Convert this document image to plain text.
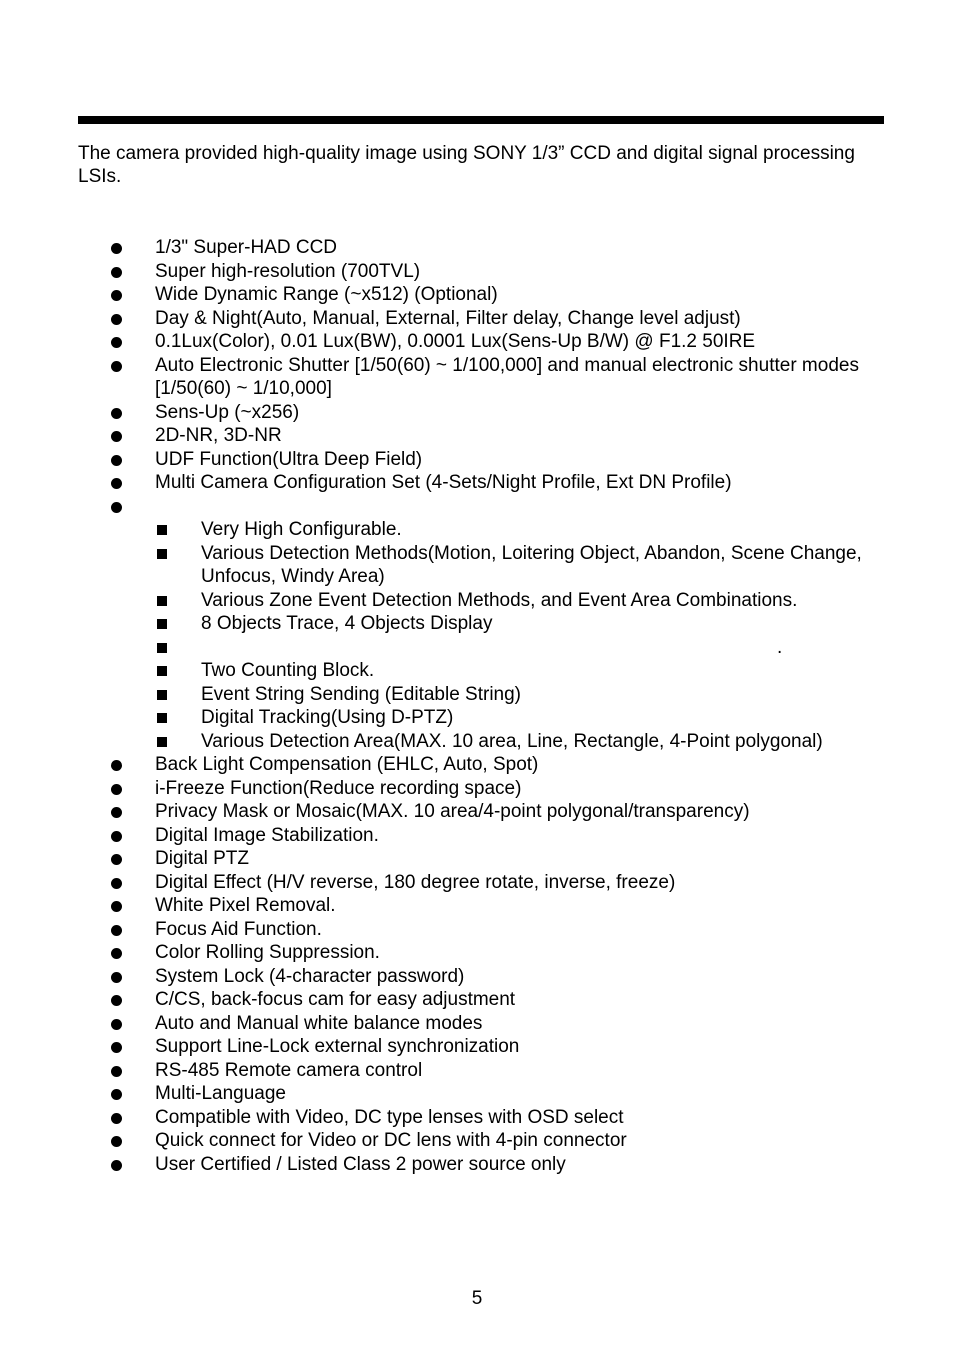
The camera provided high-quality image using SONY 1/3” CCD and digital signal processing LSIs.

1/3" Super-HAD CCD
Super high-resolution (700TVL)
Wide Dynamic Range (~x512) (Optional)
Day & Night(Auto, Manual, External, Filter delay, Change level adjust)
0.1Lux(Color), 0.01 Lux(BW), 0.0001 Lux(Sens-Up B/W) @ F1.2 50IRE
Auto Electronic Shutter [1/50(60) ~ 1/100,000] and manual electronic shutter modes [1/50(60) ~ 1/10,000]
Sens-Up (~x256)
2D-NR, 3D-NR
UDF Function(Ultra Deep Field)
Multi Camera Configuration Set (4-Sets/Night Profile, Ext DN Profile)
Very High Configurable.
Various Detection Methods(Motion, Loitering Object, Abandon, Scene Change, Unfocus, Windy Area)
Various Zone Event Detection Methods, and Event Area Combinations.
8 Objects Trace, 4 Objects Display
.
Two Counting Block.
Event String Sending (Editable String)
Digital Tracking(Using D-PTZ)
Various Detection Area(MAX. 10 area, Line, Rectangle, 4-Point polygonal)
Back Light Compensation (EHLC, Auto, Spot)
i-Freeze Function(Reduce recording space)
Privacy Mask or Mosaic(MAX. 10 area/4-point polygonal/transparency)
Digital Image Stabilization.
Digital PTZ
Digital Effect (H/V reverse, 180 degree rotate, inverse, freeze)
White Pixel Removal.
Focus Aid Function.
Color Rolling Suppression.
System Lock (4-character password)
C/CS, back-focus cam for easy adjustment
Auto and Manual white balance modes
Support Line-Lock external synchronization
RS-485 Remote camera control
Multi-Language
Compatible with Video, DC type lenses with OSD select
Quick connect for Video or DC lens with 4-pin connector
User Certified / Listed Class 2 power source only
5
